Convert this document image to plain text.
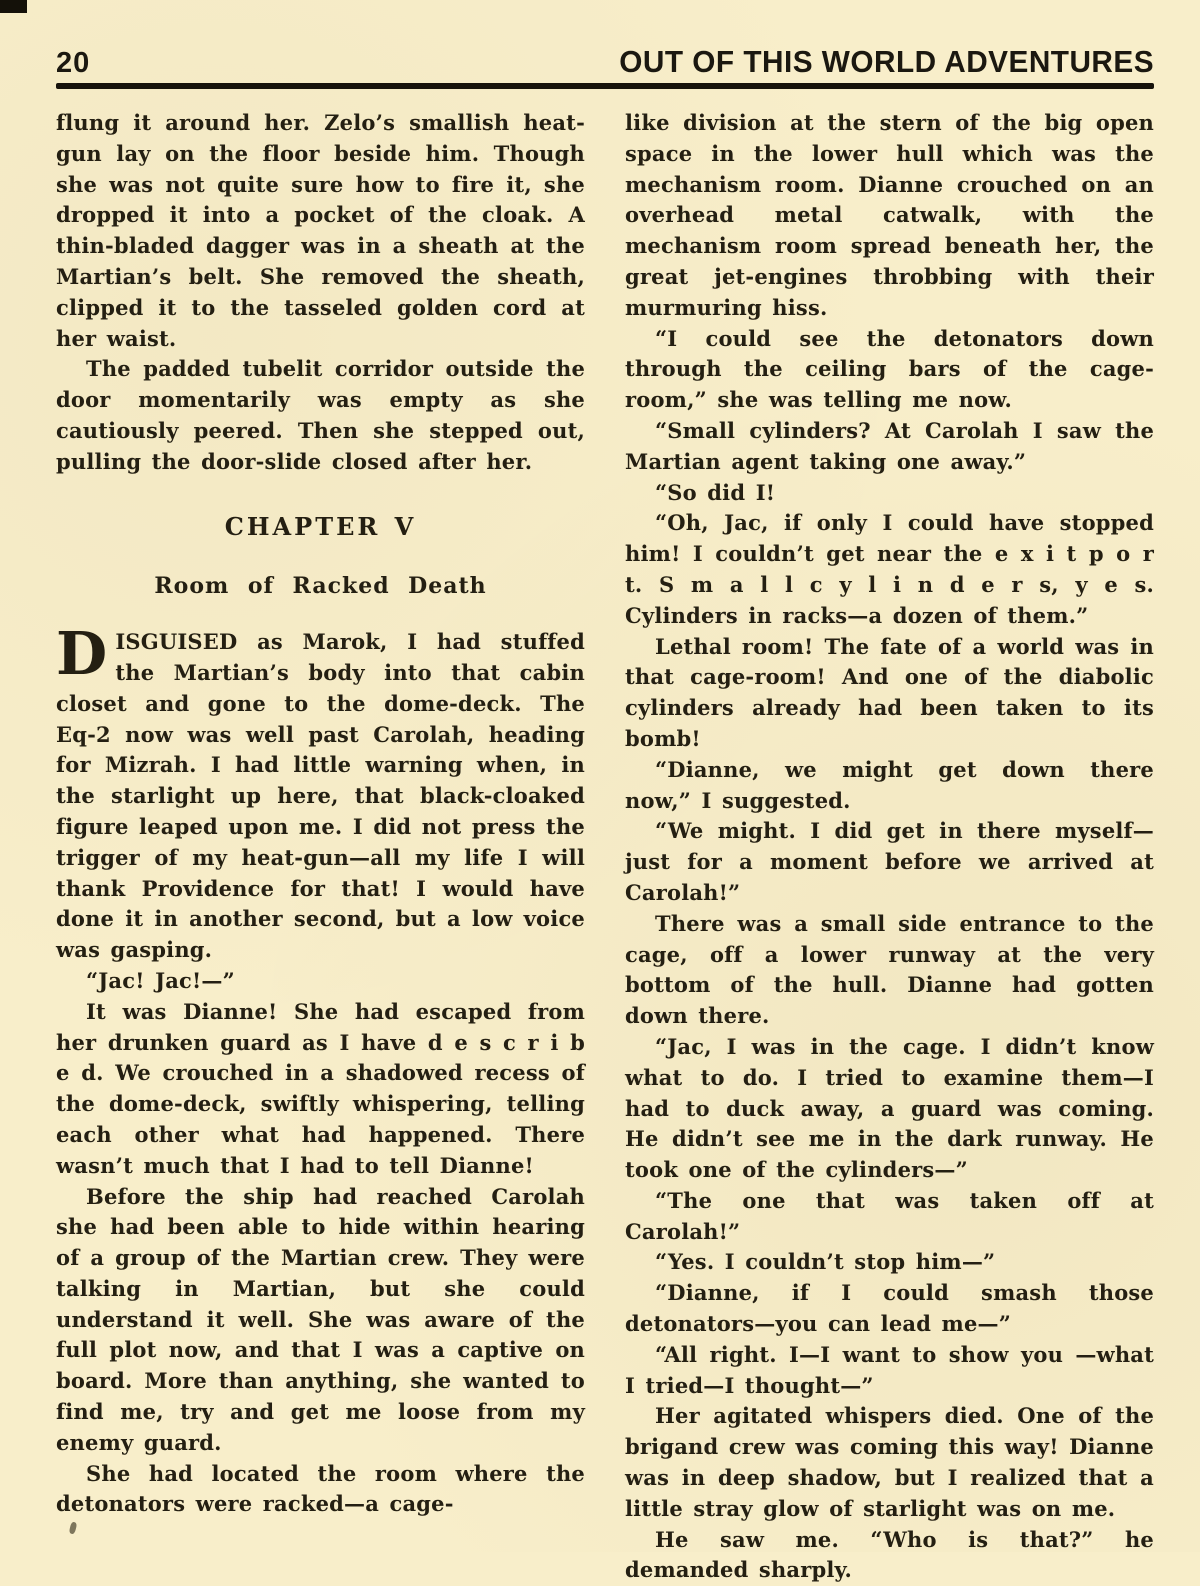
20	OUT OF THIS WORLD ADVENTURES

flung it around her. Zelo’s smallish heat-gun lay on the floor beside him. Though she was not quite sure how to fire it, she dropped it into a pocket of the cloak. A thin-bladed dagger was in a sheath at the Martian’s belt. She removed the sheath, clipped it to the tasseled golden cord at her waist.

The padded tubelit corridor outside the door momentarily was empty as she cautiously peered. Then she stepped out, pulling the door-slide closed after her.

CHAPTER V
Room of Racked Death

DISGUISED as Marok, I had stuffed the Martian’s body into that cabin closet and gone to the dome-deck. The Eq-2 now was well past Carolah, heading for Mizrah. I had little warning when, in the starlight up here, that black-cloaked figure leaped upon me. I did not press the trigger of my heat-gun—all my life I will thank Providence for that! I would have done it in another second, but a low voice was gasping.

“Jac! Jac!—”

It was Dianne! She had escaped from her drunken guard as I have d e s c r i b e d. We crouched in a shadowed recess of the dome-deck, swiftly whispering, telling each other what had happened. There wasn’t much that I had to tell Dianne!

Before the ship had reached Carolah she had been able to hide within hearing of a group of the Martian crew. They were talking in Martian, but she could understand it well. She was aware of the full plot now, and that I was a captive on board. More than anything, she wanted to find me, try and get me loose from my enemy guard.

She had located the room where the detonators were racked—a cage-

like division at the stern of the big open space in the lower hull which was the mechanism room. Dianne crouched on an overhead metal catwalk, with the mechanism room spread beneath her, the great jet-engines throbbing with their murmuring hiss.

“I could see the detonators down through the ceiling bars of the cage-room,” she was telling me now.

“Small cylinders? At Carolah I saw the Martian agent taking one away.”

“So did I!

“Oh, Jac, if only I could have stopped him! I couldn’t get near the e x i t p o r t. S m a l l c y l i n d e r s, y e s. Cylinders in racks—a dozen of them.”

Lethal room! The fate of a world was in that cage-room! And one of the diabolic cylinders already had been taken to its bomb!

“Dianne, we might get down there now,” I suggested.

“We might. I did get in there myself—just for a moment before we arrived at Carolah!”

There was a small side entrance to the cage, off a lower runway at the very bottom of the hull. Dianne had gotten down there.

“Jac, I was in the cage. I didn’t know what to do. I tried to examine them—I had to duck away, a guard was coming. He didn’t see me in the dark runway. He took one of the cylinders—”

“The one that was taken off at Carolah!”

“Yes. I couldn’t stop him—”

“Dianne, if I could smash those detonators—you can lead me—”

“All right. I—I want to show you —what I tried—I thought—”

Her agitated whispers died. One of the brigand crew was coming this way! Dianne was in deep shadow, but I realized that a little stray glow of starlight was on me.

He saw me. “Who is that?” he demanded sharply.
